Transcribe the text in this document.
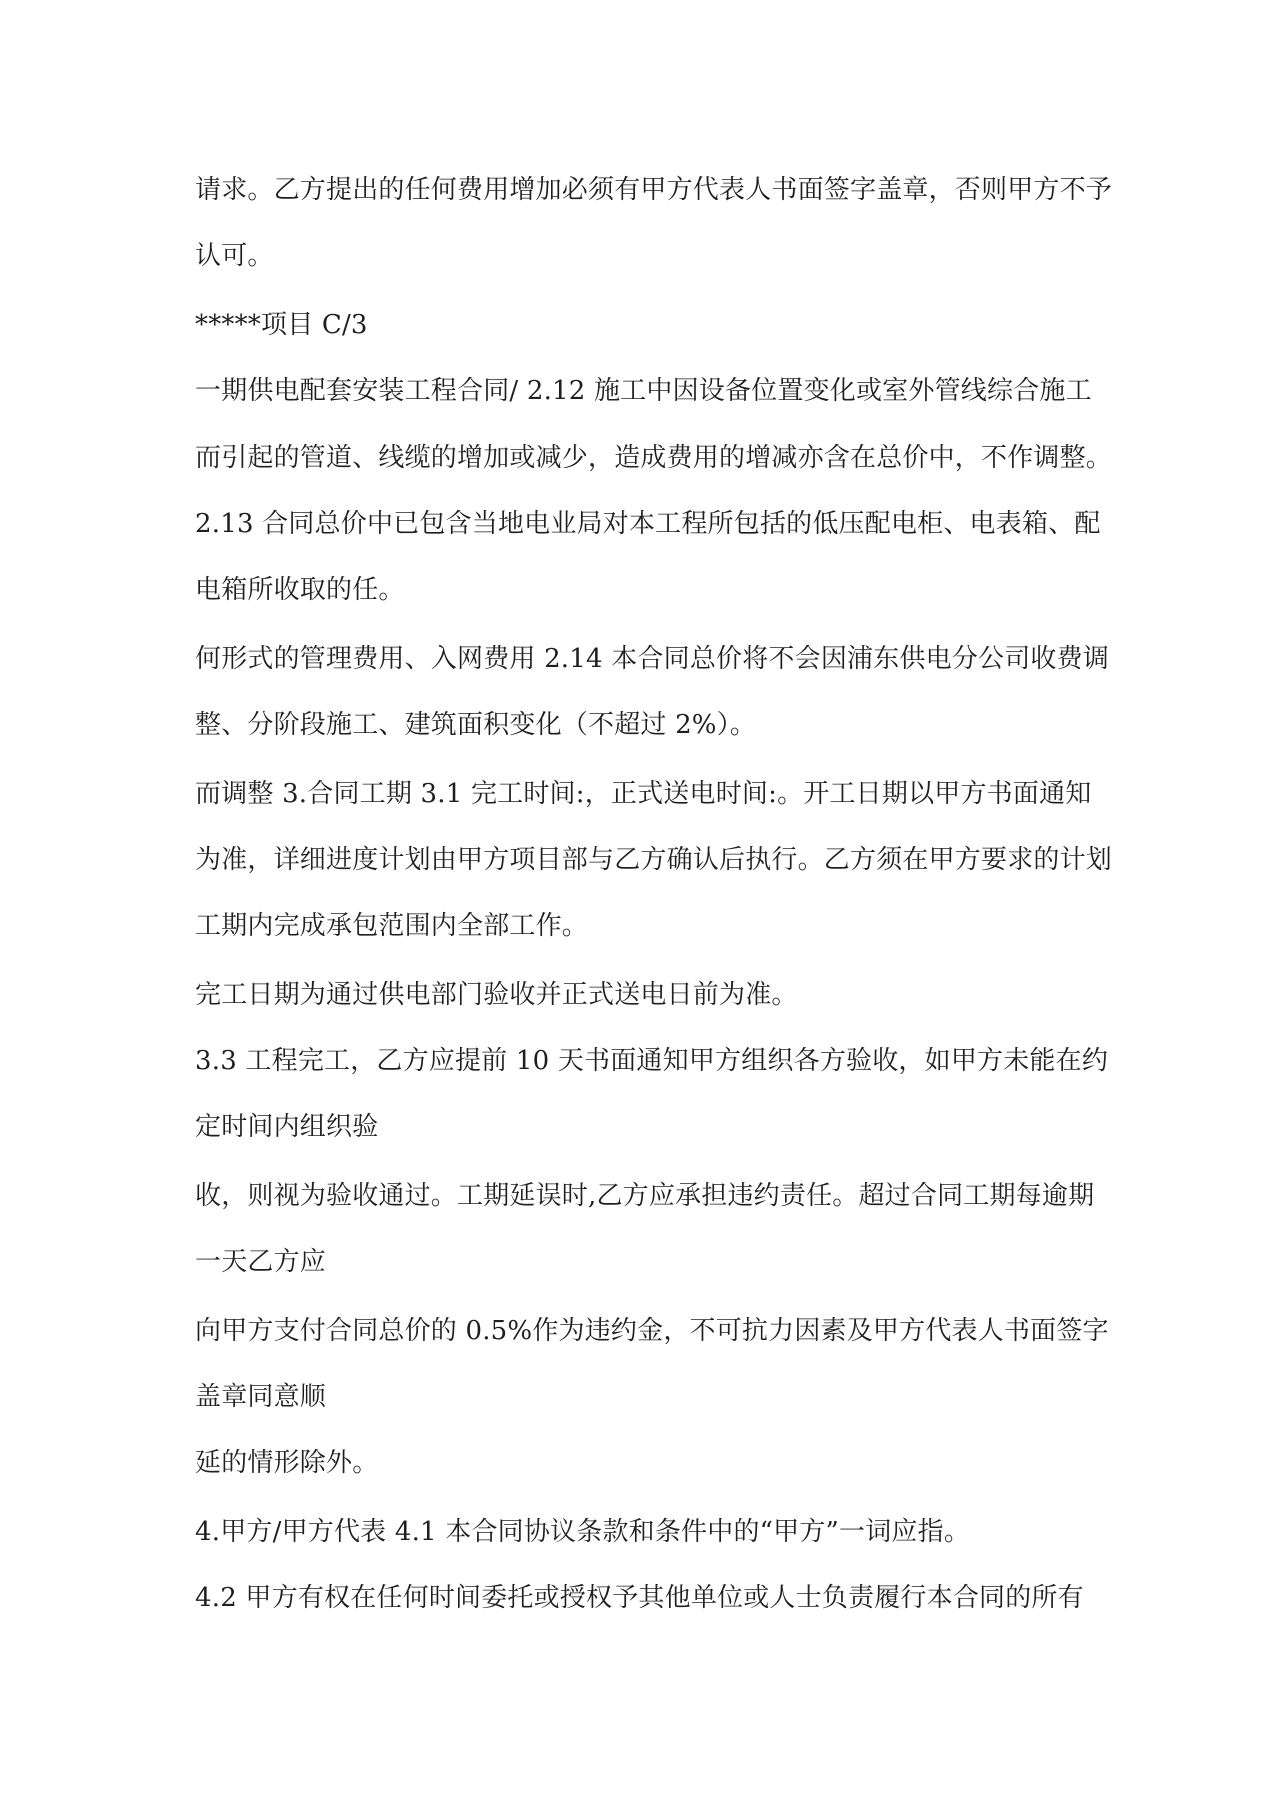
请求。乙方提出的任何费用增加必须有甲方代表人书面签字盖章，否则甲方不予
认可。
*****项目 C/3
一期供电配套安装工程合同/ 2.12 施工中因设备位置变化或室外管线综合施工
而引起的管道、线缆的增加或减少，造成费用的增减亦含在总价中，不作调整。
2.13 合同总价中已包含当地电业局对本工程所包括的低压配电柜、电表箱、配
电箱所收取的任。
何形式的管理费用、入网费用 2.14 本合同总价将不会因浦东供电分公司收费调
整、分阶段施工、建筑面积变化（不超过 2%）。
而调整 3.合同工期 3.1 完工时间:，正式送电时间:。开工日期以甲方书面通知
为准，详细进度计划由甲方项目部与乙方确认后执行。乙方须在甲方要求的计划
工期内完成承包范围内全部工作。
完工日期为通过供电部门验收并正式送电日前为准。
3.3 工程完工，乙方应提前 10 天书面通知甲方组织各方验收，如甲方未能在约
定时间内组织验
收，则视为验收通过。工期延误时,乙方应承担违约责任。超过合同工期每逾期
一天乙方应
向甲方支付合同总价的 0.5%作为违约金，不可抗力因素及甲方代表人书面签字
盖章同意顺
延的情形除外。
4.甲方/甲方代表 4.1 本合同协议条款和条件中的“甲方”一词应指。
4.2 甲方有权在任何时间委托或授权予其他单位或人士负责履行本合同的所有
